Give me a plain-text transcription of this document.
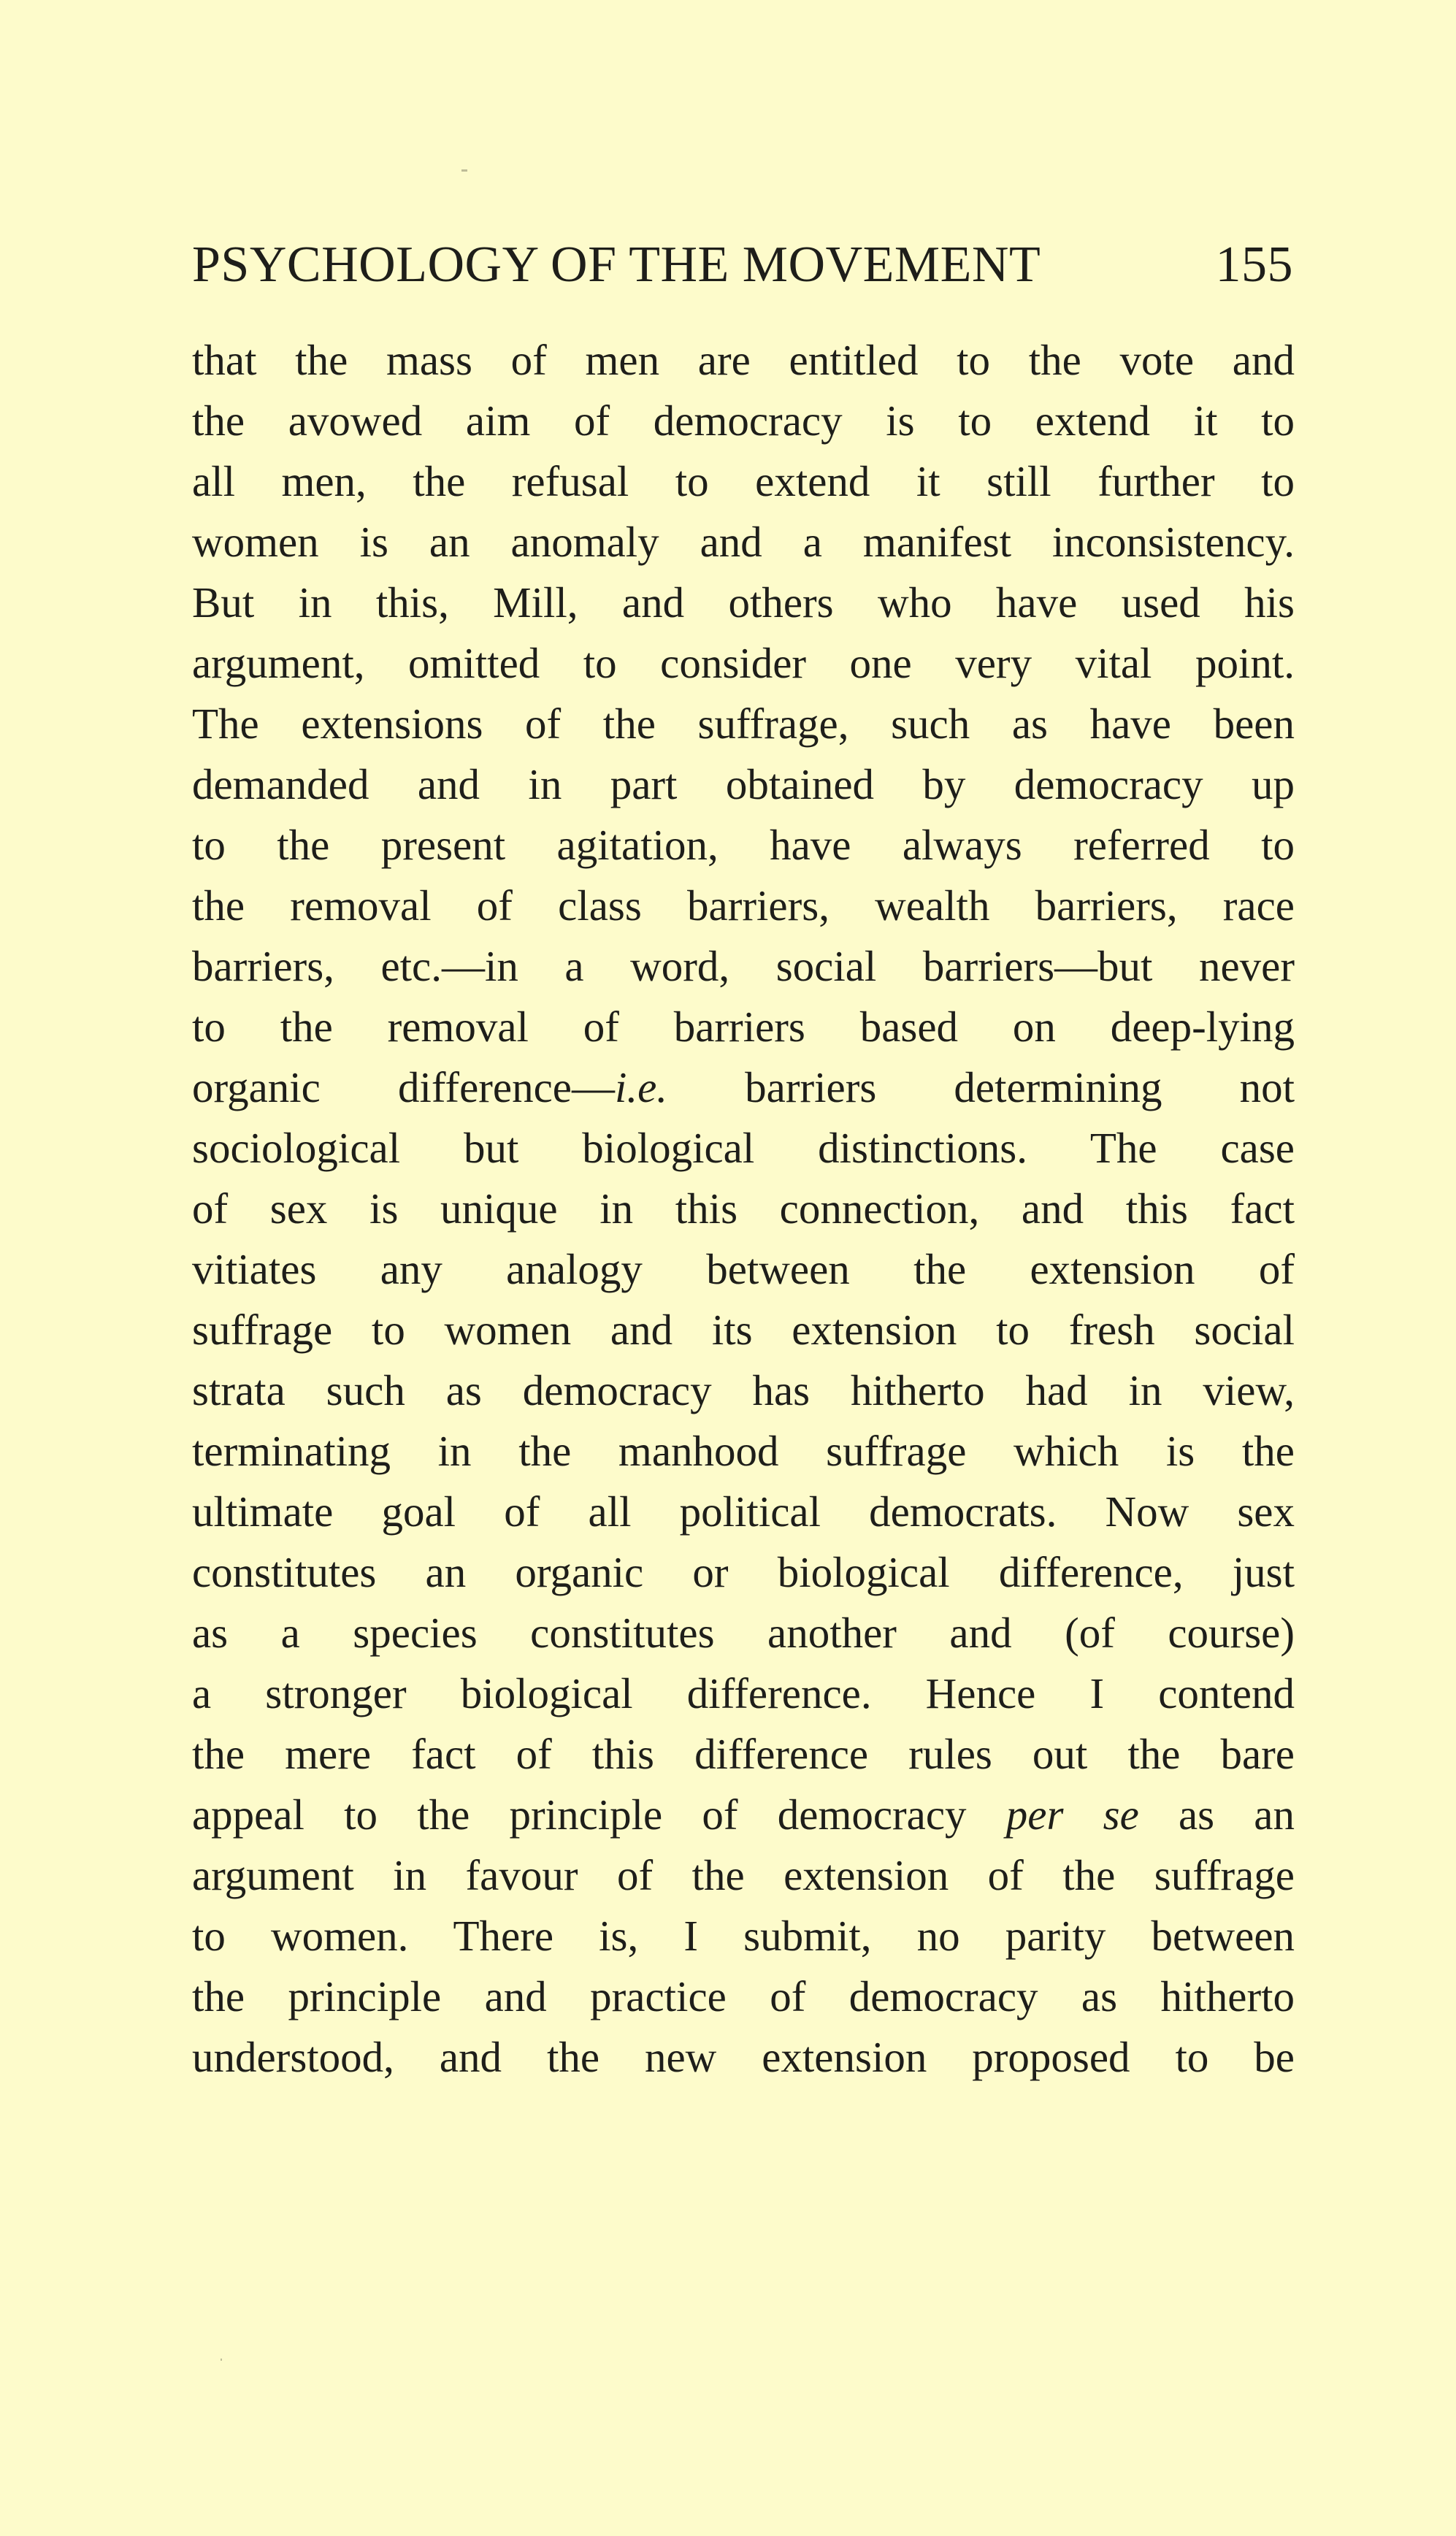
PSYCHOLOGY OF THE MOVEMENT	155
that the mass of men are entitled to the vote and
the avowed aim of democracy is to extend it to
all men, the refusal to extend it still further to
women is an anomaly and a manifest inconsistency.
But in this, Mill, and others who have used his
argument, omitted to consider one very vital point.
The extensions of the suffrage, such as have been
demanded and in part obtained by democracy up
to the present agitation, have always referred to
the removal of class barriers, wealth barriers, race
barriers, etc.—in a word, social barriers—but never
to the removal of barriers based on deep-lying
organic difference—i.e. barriers determining not
sociological but biological distinctions. The case
of sex is unique in this connection, and this fact
vitiates any analogy between the extension of
suffrage to women and its extension to fresh social
strata such as democracy has hitherto had in view,
terminating in the manhood suffrage which is the
ultimate goal of all political democrats. Now sex
constitutes an organic or biological difference, just
as a species constitutes another and (of course)
a stronger biological difference. Hence I contend
the mere fact of this difference rules out the bare
appeal to the principle of democracy per se as an
argument in favour of the extension of the suffrage
to women. There is, I submit, no parity between
the principle and practice of democracy as hitherto
understood, and the new extension proposed to be
